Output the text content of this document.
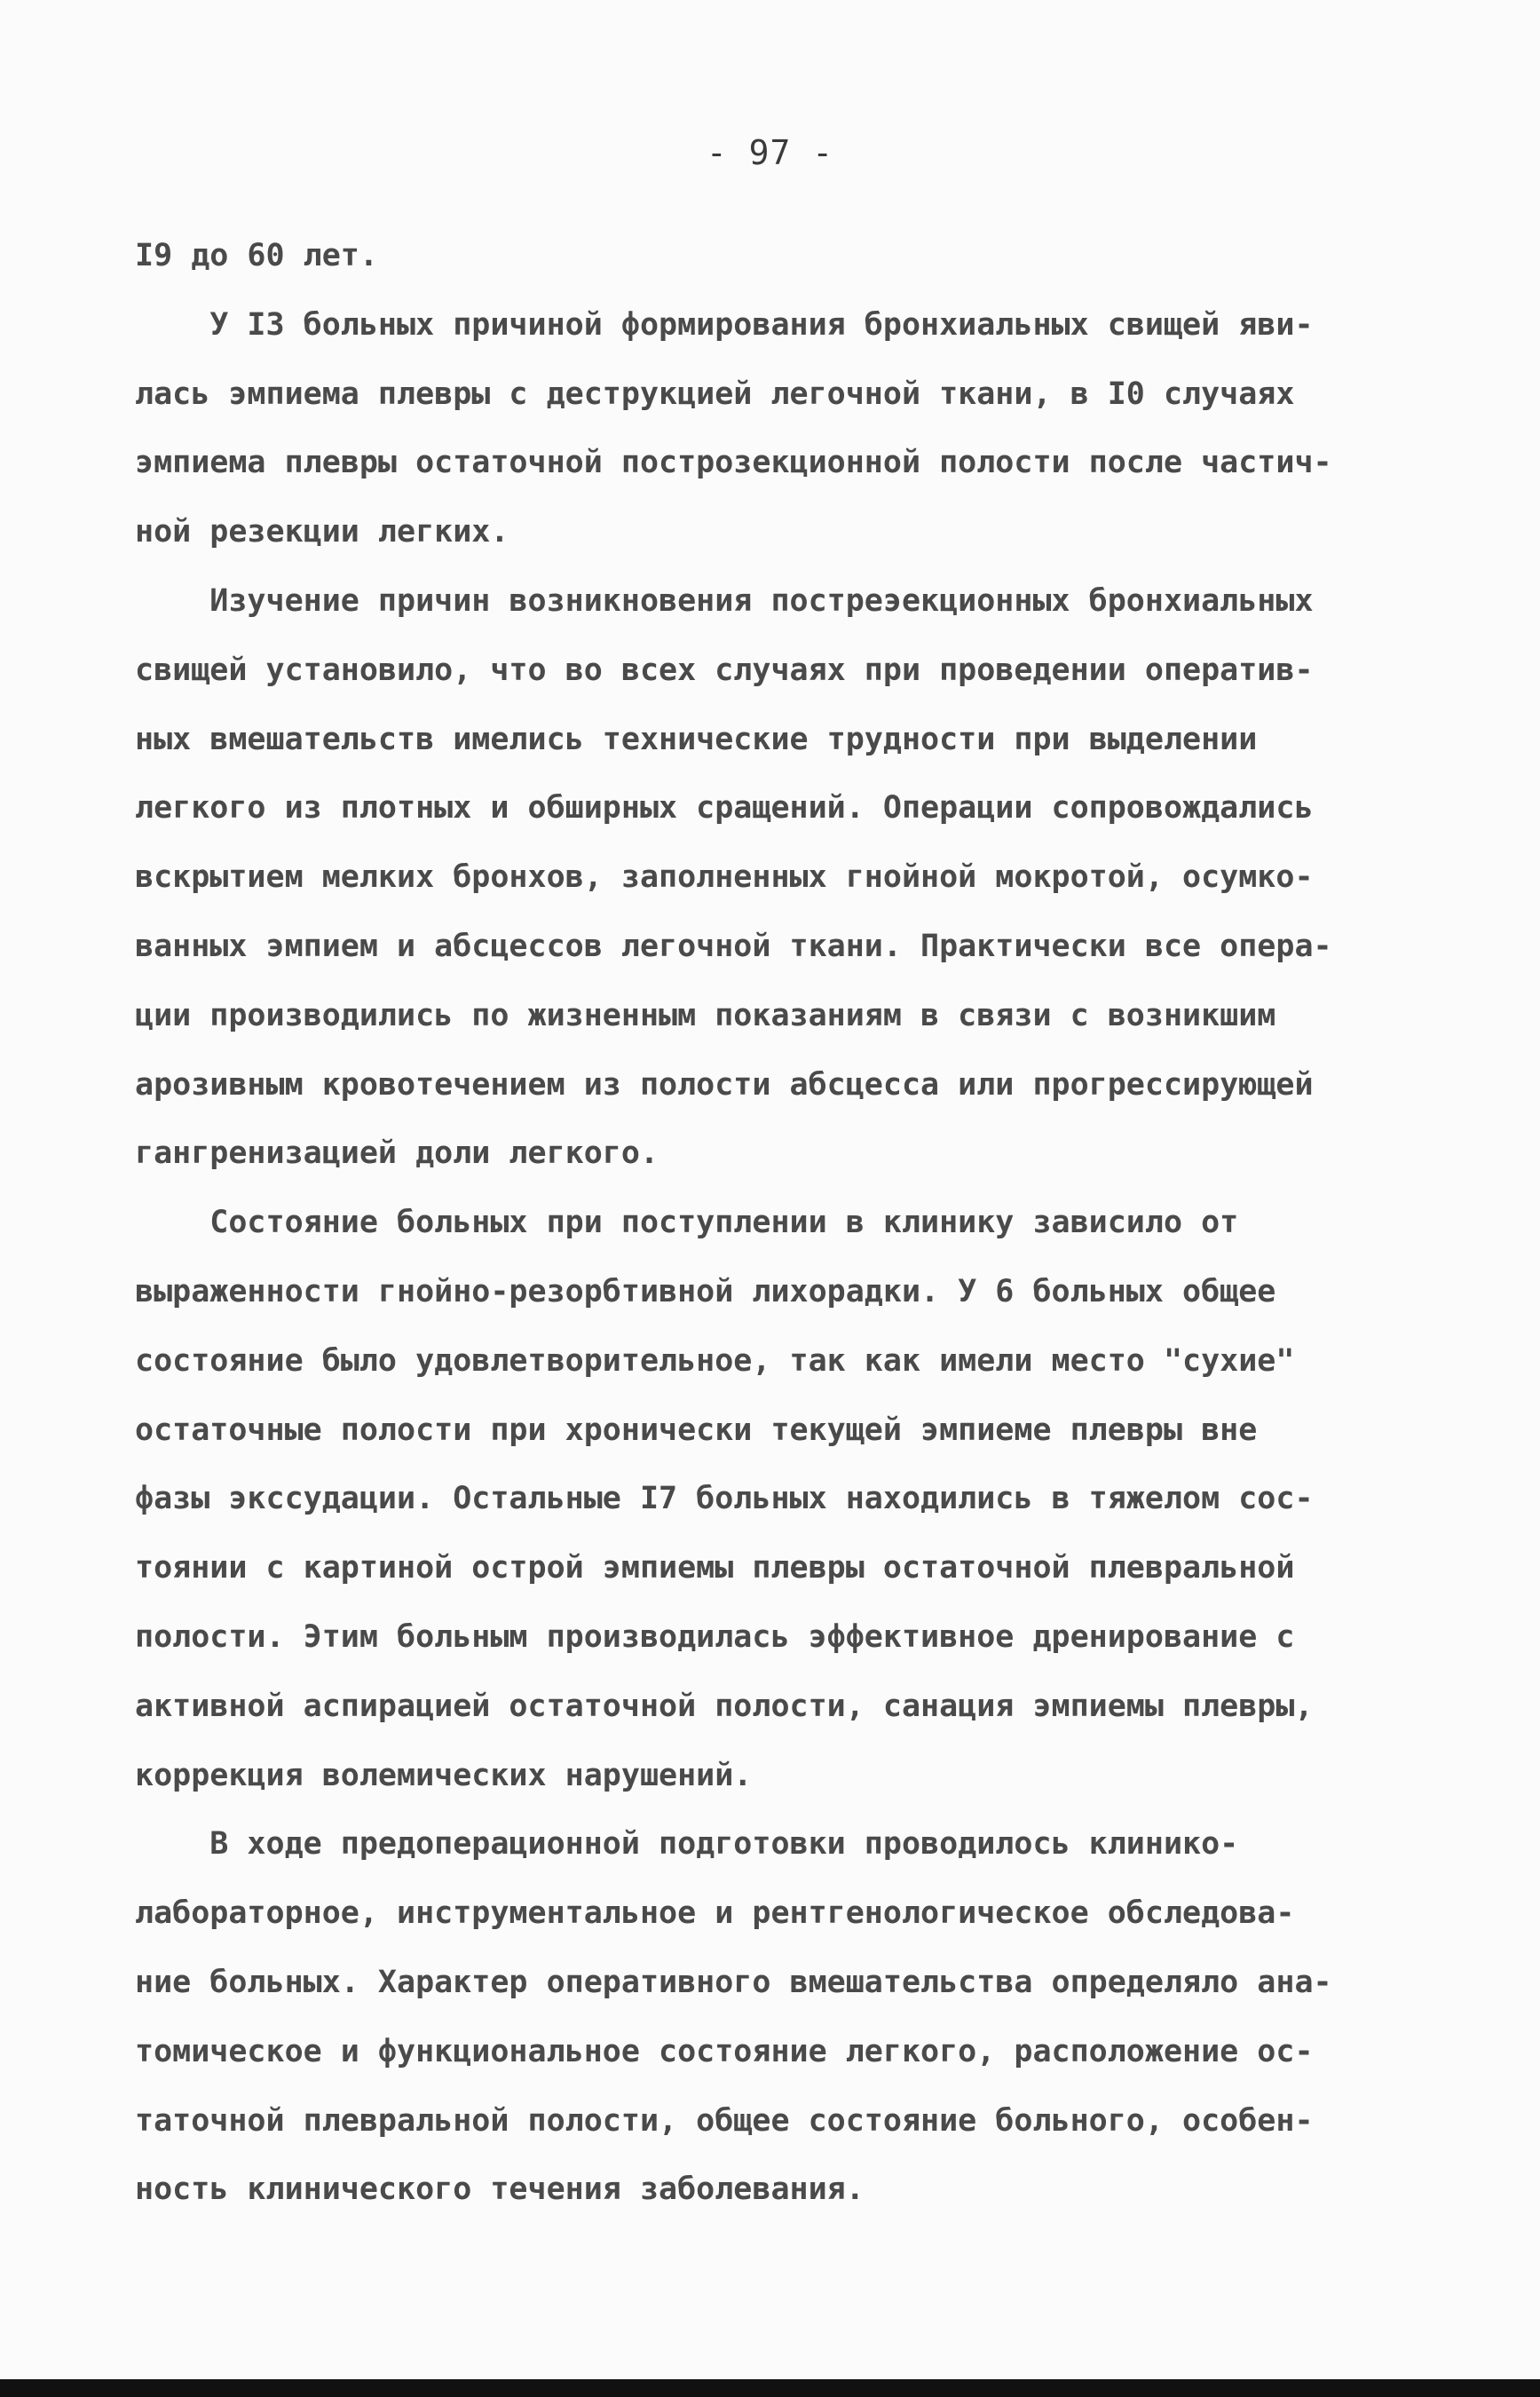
- 97 -
I9 до 60 лет.
У I3 больных причиной формирования бронхиальных свищей яви-
лась эмпиема плевры с деструкцией легочной ткани, в I0 случаях
эмпиема плевры остаточной построзекционной полости после частич-
ной резекции легких.
Изучение причин возникновения постреэекционных бронхиальных
свищей установило, что во всех случаях при проведении оператив-
ных вмешательств имелись технические трудности при выделении
легкого из плотных и обширных сращений. Операции сопровождались
вскрытием мелких бронхов, заполненных гнойной мокротой, осумко-
ванных эмпием и абсцессов легочной ткани. Практически все опера-
ции производились по жизненным показаниям в связи с возникшим
арозивным кровотечением из полости абсцесса или прогрессирующей
гангренизацией доли легкого.
Состояние больных при поступлении в клинику зависило от
выраженности гнойно-резорбтивной лихорадки. У 6 больных общее
состояние было удовлетворительное, так как имели место "сухие"
остаточные полости при хронически текущей эмпиеме плевры вне
фазы экссудации. Остальные I7 больных находились в тяжелом сос-
тоянии с картиной острой эмпиемы плевры остаточной плевральной
полости. Этим больным производилась эффективное дренирование с
активной аспирацией остаточной полости, санация эмпиемы плевры,
коррекция волемических нарушений.
В ходе предоперационной подготовки проводилось клинико-
лабораторное, инструментальное и рентгенологическое обследова-
ние больных. Характер оперативного вмешательства определяло ана-
томическое и функциональное состояние легкого, расположение ос-
таточной плевральной полости, общее состояние больного, особен-
ность клинического течения заболевания.
